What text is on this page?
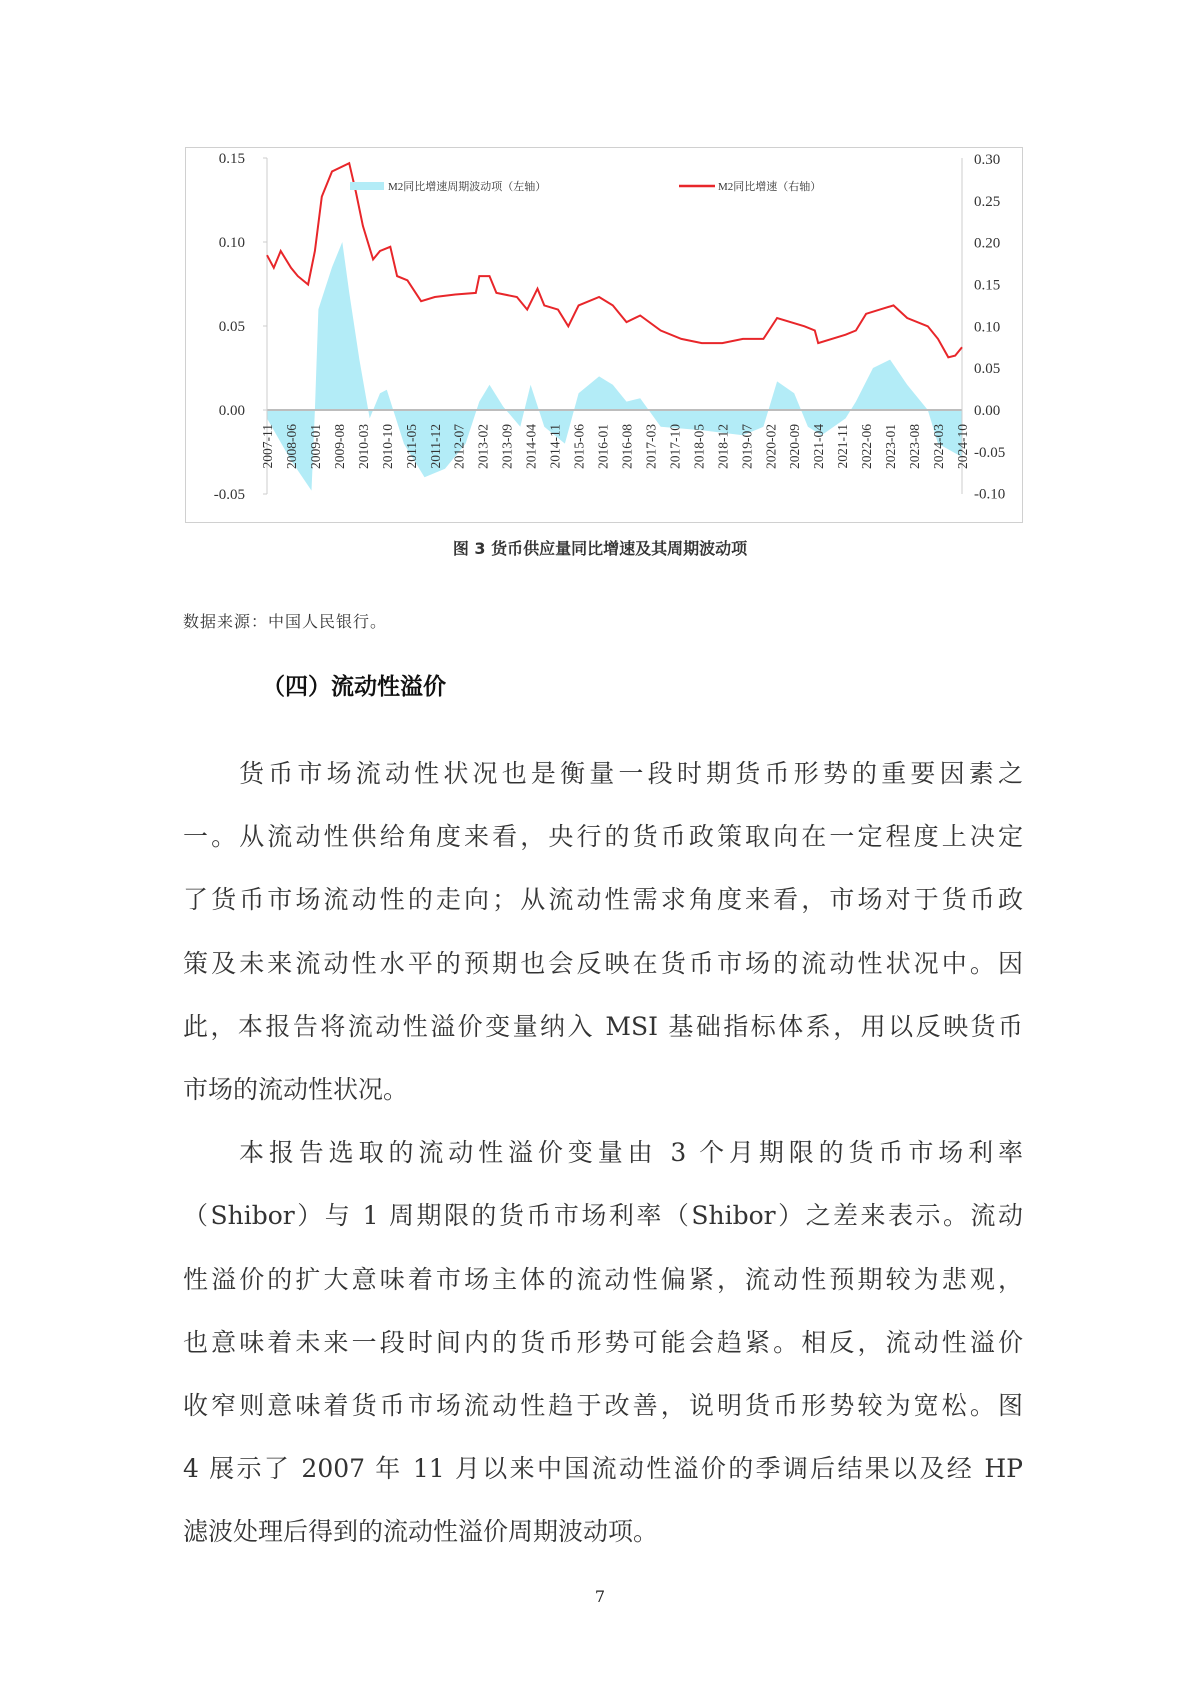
0.15
0.10
0.05
0.00
-0.05
0.30
0.25
0.20
0.15
0.10
0.05
0.00
-0.05
-0.10
2007-11 2008-06 2009-01 2009-08 2010-03 2010-10 2011-05 2011-12 2012-07 2013-02 2013-09 2014-04 2014-11 2015-06 2016-01 2016-08 2017-03 2017-10 2018-05 2018-12 2019-07 2020-02 2020-09 2021-04 2021-11 2022-06 2023-01 2023-08 2024-03 2024-10
M2同比增速周期波动项（左轴）	M2同比增速（右轴）
图 3 货币供应量同比增速及其周期波动项
数据来源：中国人民银行。
（四）流动性溢价
货币市场流动性状况也是衡量一段时期货币形势的重要因素之
一。从流动性供给角度来看，央行的货币政策取向在一定程度上决定
了货币市场流动性的走向；从流动性需求角度来看，市场对于货币政
策及未来流动性水平的预期也会反映在货币市场的流动性状况中。因
此，本报告将流动性溢价变量纳入 MSI 基础指标体系，用以反映货币
市场的流动性状况。
本报告选取的流动性溢价变量由 3 个月期限的货币市场利率
（Shibor）与 1 周期限的货币市场利率（Shibor）之差来表示。流动
性溢价的扩大意味着市场主体的流动性偏紧，流动性预期较为悲观，
也意味着未来一段时间内的货币形势可能会趋紧。相反，流动性溢价
收窄则意味着货币市场流动性趋于改善，说明货币形势较为宽松。图
4 展示了 2007 年 11 月以来中国流动性溢价的季调后结果以及经 HP
滤波处理后得到的流动性溢价周期波动项。
7
